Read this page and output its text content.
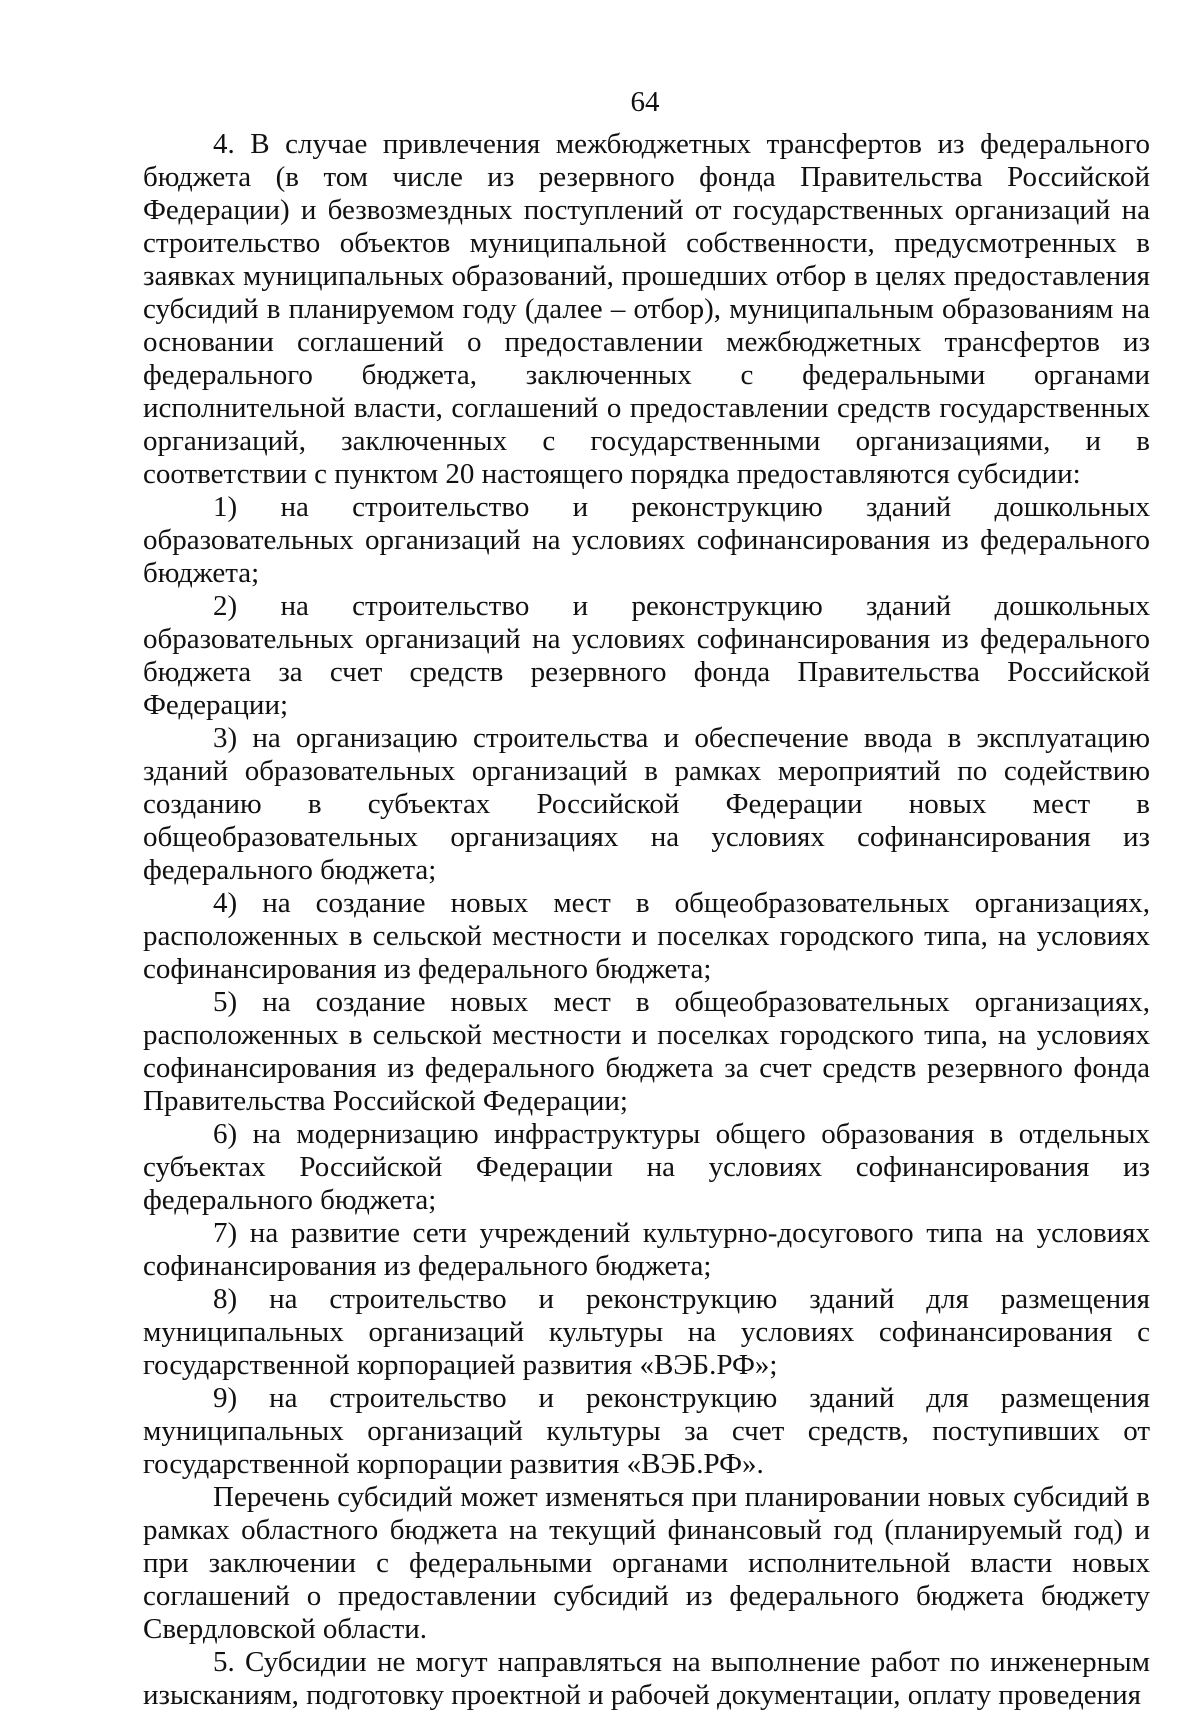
64

4. В случае привлечения межбюджетных трансфертов из федерального бюджета (в том числе из резервного фонда Правительства Российской Федерации) и безвозмездных поступлений от государственных организаций на строительство объектов муниципальной собственности, предусмотренных в заявках муниципальных образований, прошедших отбор в целях предоставления субсидий в планируемом году (далее – отбор), муниципальным образованиям на основании соглашений о предоставлении межбюджетных трансфертов из федерального бюджета, заключенных с федеральными органами исполнительной власти, соглашений о предоставлении средств государственных организаций, заключенных с государственными организациями, и в соответствии с пунктом 20 настоящего порядка предоставляются субсидии:

1) на строительство и реконструкцию зданий дошкольных образовательных организаций на условиях софинансирования из федерального бюджета;

2) на строительство и реконструкцию зданий дошкольных образовательных организаций на условиях софинансирования из федерального бюджета за счет средств резервного фонда Правительства Российской Федерации;

3) на организацию строительства и обеспечение ввода в эксплуатацию зданий образовательных организаций в рамках мероприятий по содействию созданию в субъектах Российской Федерации новых мест в общеобразовательных организациях на условиях софинансирования из федерального бюджета;

4) на создание новых мест в общеобразовательных организациях, расположенных в сельской местности и поселках городского типа, на условиях софинансирования из федерального бюджета;

5) на создание новых мест в общеобразовательных организациях, расположенных в сельской местности и поселках городского типа, на условиях софинансирования из федерального бюджета за счет средств резервного фонда Правительства Российской Федерации;

6) на модернизацию инфраструктуры общего образования в отдельных субъектах Российской Федерации на условиях софинансирования из федерального бюджета;

7) на развитие сети учреждений культурно-досугового типа на условиях софинансирования из федерального бюджета;

8) на строительство и реконструкцию зданий для размещения муниципальных организаций культуры на условиях софинансирования с государственной корпорацией развития «ВЭБ.РФ»;

9) на строительство и реконструкцию зданий для размещения муниципальных организаций культуры за счет средств, поступивших от государственной корпорации развития «ВЭБ.РФ».

Перечень субсидий может изменяться при планировании новых субсидий в рамках областного бюджета на текущий финансовый год (планируемый год) и при заключении с федеральными органами исполнительной власти новых соглашений о предоставлении субсидий из федерального бюджета бюджету Свердловской области.

5. Субсидии не могут направляться на выполнение работ по инженерным изысканиям, подготовку проектной и рабочей документации, оплату проведения
